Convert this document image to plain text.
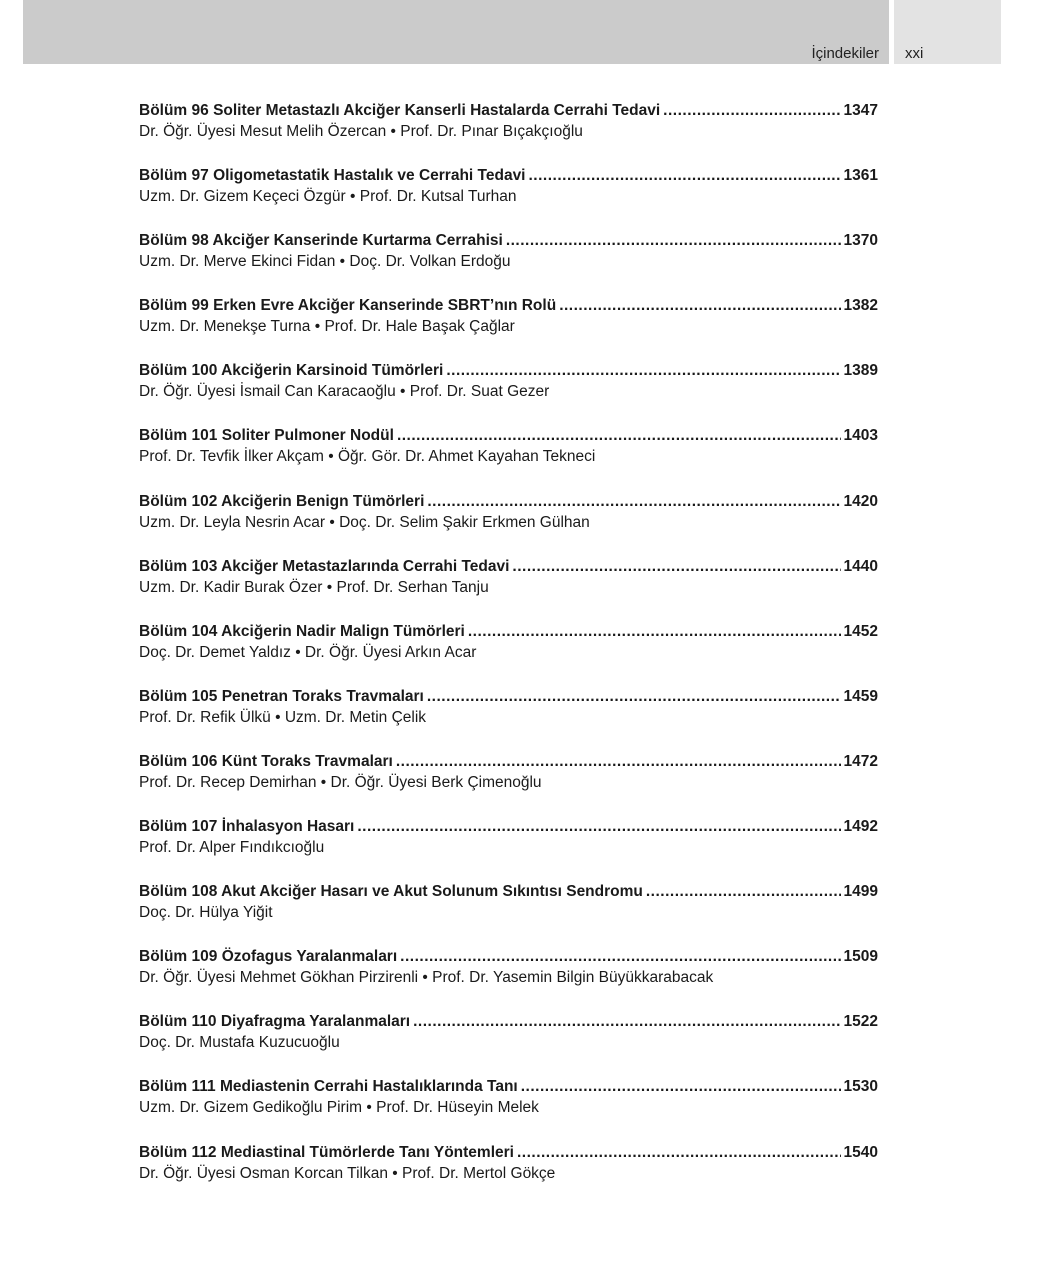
İçindekiler xxi
Bölüm 96 Soliter Metastazlı Akciğer Kanserli Hastalarda Cerrahi Tedavi .....	1347
Dr. Öğr. Üyesi Mesut Melih Özercan • Prof. Dr. Pınar Bıçakçıoğlu
Bölüm 97 Oligometastatik Hastalık ve Cerrahi Tedavi .....	1361
Uzm. Dr. Gizem Keçeci Özgür • Prof. Dr. Kutsal Turhan
Bölüm 98 Akciğer Kanserinde Kurtarma Cerrahisi .....	1370
Uzm. Dr. Merve Ekinci Fidan • Doç. Dr. Volkan Erdoğu
Bölüm 99 Erken Evre Akciğer Kanserinde SBRT’nın Rolü .....	1382
Uzm. Dr. Menekşe Turna • Prof. Dr. Hale Başak Çağlar
Bölüm 100 Akciğerin Karsinoid Tümörleri .....	1389
Dr. Öğr. Üyesi İsmail Can Karacaoğlu • Prof. Dr. Suat Gezer
Bölüm 101 Soliter Pulmoner Nodül .....	1403
Prof. Dr. Tevfik İlker Akçam • Öğr. Gör. Dr. Ahmet Kayahan Tekneci
Bölüm 102 Akciğerin Benign Tümörleri .....	1420
Uzm. Dr. Leyla Nesrin Acar • Doç. Dr. Selim Şakir Erkmen Gülhan
Bölüm 103 Akciğer Metastazlarında Cerrahi Tedavi .....	1440
Uzm. Dr. Kadir Burak Özer • Prof. Dr. Serhan Tanju
Bölüm 104 Akciğerin Nadir Malign Tümörleri .....	1452
Doç. Dr. Demet Yaldız • Dr. Öğr. Üyesi Arkın Acar
Bölüm 105 Penetran Toraks Travmaları .....	1459
Prof. Dr. Refik Ülkü • Uzm. Dr. Metin Çelik
Bölüm 106 Künt Toraks Travmaları .....	1472
Prof. Dr. Recep Demirhan • Dr. Öğr. Üyesi Berk Çimenoğlu
Bölüm 107 İnhalasyon Hasarı .....	1492
Prof. Dr. Alper Fındıkcıoğlu
Bölüm 108 Akut Akciğer Hasarı ve Akut Solunum Sıkıntısı Sendromu .....	1499
Doç. Dr. Hülya Yiğit
Bölüm 109 Özofagus Yaralanmaları .....	1509
Dr. Öğr. Üyesi Mehmet Gökhan Pirzirenli • Prof. Dr. Yasemin Bilgin Büyükkarabacak
Bölüm 110 Diyafragma Yaralanmaları .....	1522
Doç. Dr. Mustafa Kuzucuoğlu
Bölüm 111 Mediastenin Cerrahi Hastalıklarında Tanı .....	1530
Uzm. Dr. Gizem Gedikoğlu Pirim • Prof. Dr. Hüseyin Melek
Bölüm 112 Mediastinal Tümörlerde Tanı Yöntemleri .....	1540
Dr. Öğr. Üyesi Osman Korcan Tilkan • Prof. Dr. Mertol Gökçe
